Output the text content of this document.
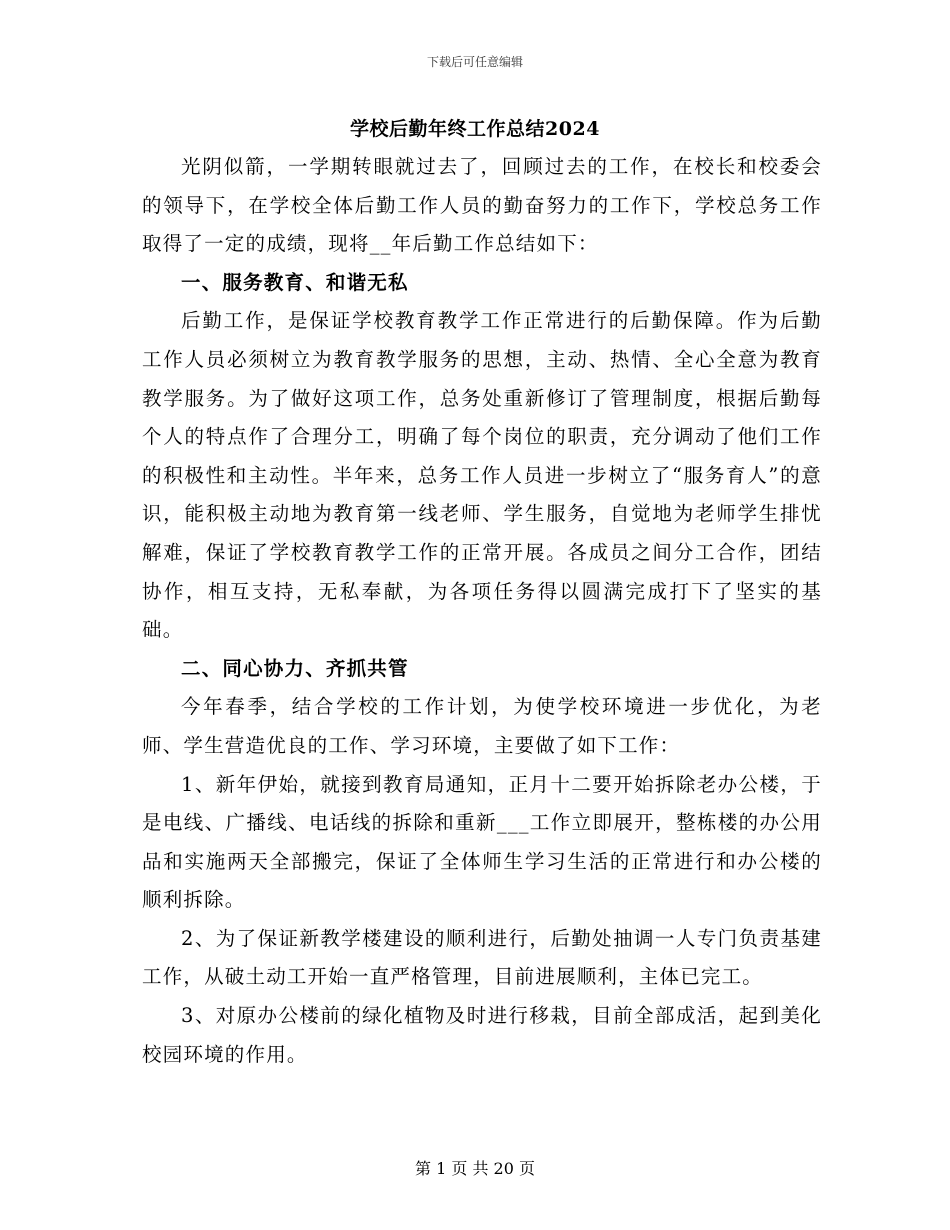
下载后可任意编辑
学校后勤年终工作总结2024

光阴似箭，一学期转眼就过去了，回顾过去的工作，在校长和校委会的领导下，在学校全体后勤工作人员的勤奋努力的工作下，学校总务工作取得了一定的成绩，现将__年后勤工作总结如下：

一、服务教育、和谐无私

后勤工作，是保证学校教育教学工作正常进行的后勤保障。作为后勤工作人员必须树立为教育教学服务的思想，主动、热情、全心全意为教育教学服务。为了做好这项工作，总务处重新修订了管理制度，根据后勤每个人的特点作了合理分工，明确了每个岗位的职责，充分调动了他们工作的积极性和主动性。半年来，总务工作人员进一步树立了“服务育人”的意识，能积极主动地为教育第一线老师、学生服务，自觉地为老师学生排忧解难，保证了学校教育教学工作的正常开展。各成员之间分工合作，团结协作，相互支持，无私奉献，为各项任务得以圆满完成打下了坚实的基础。

二、同心协力、齐抓共管

今年春季，结合学校的工作计划，为使学校环境进一步优化，为老师、学生营造优良的工作、学习环境，主要做了如下工作：

1、新年伊始，就接到教育局通知，正月十二要开始拆除老办公楼，于是电线、广播线、电话线的拆除和重新___工作立即展开，整栋楼的办公用品和实施两天全部搬完，保证了全体师生学习生活的正常进行和办公楼的顺利拆除。

2、为了保证新教学楼建设的顺利进行，后勤处抽调一人专门负责基建工作，从破土动工开始一直严格管理，目前进展顺利，主体已完工。

3、对原办公楼前的绿化植物及时进行移栽，目前全部成活，起到美化校园环境的作用。

第 1 页 共 20 页
